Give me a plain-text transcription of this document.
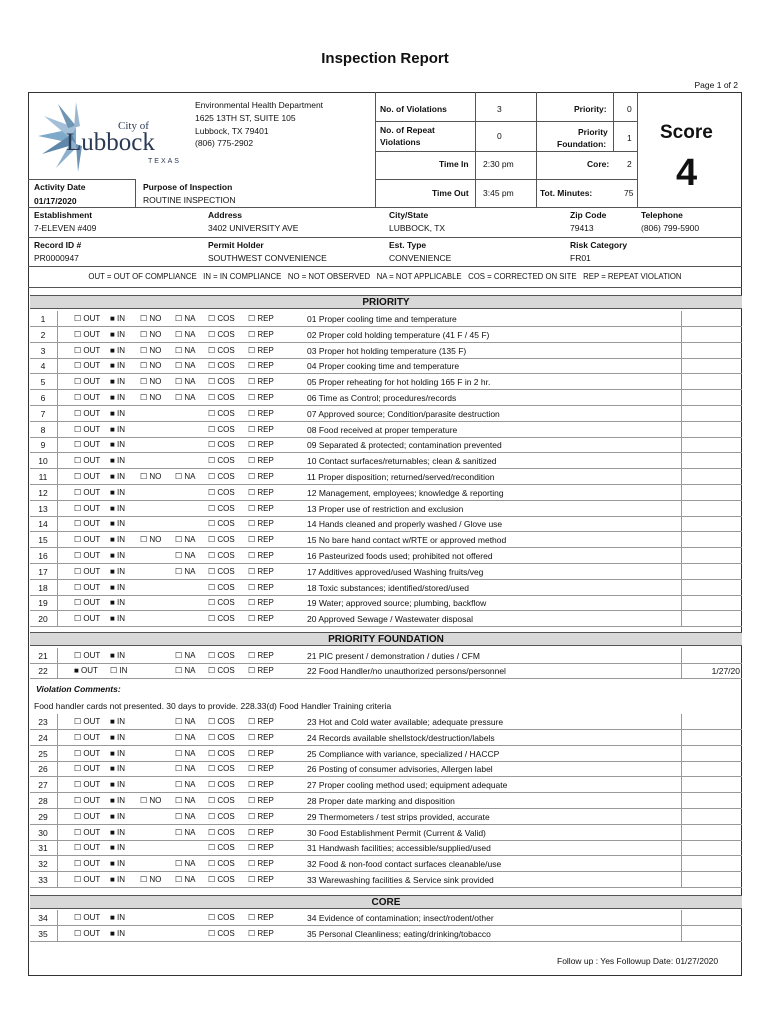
Inspection Report
Page 1 of 2
City of
Lubbock
TEXAS
Environmental Health Department
1625 13TH ST, SUITE 105
Lubbock, TX 79401
(806) 775-2902
No. of Violations	3
No. of Repeat
Violations
0
Priority: 0
Priority
Foundation:
1
Time In 2:30 pm	Core: 2
Time Out 3:45 pm	Tot. Minutes:	75
Score
4
Activity Date
01/17/2020
Purpose of Inspection
ROUTINE INSPECTION
Establishment
7-ELEVEN #409
Address
3402 UNIVERSITY AVE
City/State
LUBBOCK, TX
Zip Code
79413
Telephone
(806) 799-5900
Record ID #
PR0000947
Permit Holder
SOUTHWEST CONVENIENCE
Est. Type
CONVENIENCE
Risk Category
FR01
OUT = OUT OF COMPLIANCE   IN = IN COMPLIANCE   NO = NOT OBSERVED   NA = NOT APPLICABLE   COS = CORRECTED ON SITE   REP = REPEAT VIOLATION
PRIORITY
1	☐ OUT ■ IN ☐ NO ☐ NA ☐ COS ☐ REP	01 Proper cooling time and temperature
2	☐ OUT ■ IN ☐ NO ☐ NA ☐ COS ☐ REP	02 Proper cold holding temperature (41 F / 45 F)
3	☐ OUT ■ IN ☐ NO ☐ NA ☐ COS ☐ REP	03 Proper hot holding temperature (135 F)
4	☐ OUT ■ IN ☐ NO ☐ NA ☐ COS ☐ REP	04 Proper cooking time and temperature
5	☐ OUT ■ IN ☐ NO ☐ NA ☐ COS ☐ REP	05 Proper reheating for hot holding 165 F in 2 hr.
6	☐ OUT ■ IN ☐ NO ☐ NA ☐ COS ☐ REP	06 Time as Control; procedures/records
7	☐ OUT ■ IN	☐ COS ☐ REP	07 Approved source; Condition/parasite destruction
8	☐ OUT ■ IN	☐ COS ☐ REP	08 Food received at proper temperature
9	☐ OUT ■ IN	☐ COS ☐ REP	09 Separated & protected; contamination prevented
10	☐ OUT ■ IN	☐ COS ☐ REP	10 Contact surfaces/returnables; clean & sanitized
11	☐ OUT ■ IN ☐ NO ☐ NA ☐ COS ☐ REP	11 Proper disposition; returned/served/recondition
12	☐ OUT ■ IN	☐ COS ☐ REP	12 Management, employees; knowledge & reporting
13	☐ OUT ■ IN	☐ COS ☐ REP	13 Proper use of restriction and exclusion
14	☐ OUT ■ IN	☐ COS ☐ REP	14 Hands cleaned and properly washed / Glove use
15	☐ OUT ■ IN ☐ NO ☐ NA ☐ COS ☐ REP	15 No bare hand contact w/RTE or approved method
16	☐ OUT ■ IN	☐ NA ☐ COS ☐ REP	16 Pasteurized foods used; prohibited not offered
17	☐ OUT ■ IN	☐ NA ☐ COS ☐ REP	17 Additives approved/used Washing fruits/veg
18	☐ OUT ■ IN	☐ COS ☐ REP	18 Toxic substances; identified/stored/used
19	☐ OUT ■ IN	☐ COS ☐ REP	19 Water; approved source; plumbing, backflow
20	☐ OUT ■ IN	☐ COS ☐ REP	20 Approved Sewage / Wastewater disposal
PRIORITY FOUNDATION
21	☐ OUT ■ IN	☐ NA ☐ COS ☐ REP	21 PIC present / demonstration / duties / CFM
22	■ OUT ☐ IN	☐ NA ☐ COS ☐ REP	22 Food Handler/no unauthorized persons/personnel	1/27/20
Violation Comments:
Food handler cards not presented. 30 days to provide. 228.33(d) Food Handler Training criteria
23	☐ OUT ■ IN	☐ NA ☐ COS ☐ REP	23 Hot and Cold water available; adequate pressure
24	☐ OUT ■ IN	☐ NA ☐ COS ☐ REP	24 Records available shellstock/destruction/labels
25	☐ OUT ■ IN	☐ NA ☐ COS ☐ REP	25 Compliance with variance, specialized / HACCP
26	☐ OUT ■ IN	☐ NA ☐ COS ☐ REP	26 Posting of consumer advisories, Allergen label
27	☐ OUT ■ IN	☐ NA ☐ COS ☐ REP	27 Proper cooling method used; equipment adequate
28	☐ OUT ■ IN ☐ NO ☐ NA ☐ COS ☐ REP	28 Proper date marking and disposition
29	☐ OUT ■ IN	☐ NA ☐ COS ☐ REP	29 Thermometers / test strips provided, accurate
30	☐ OUT ■ IN	☐ NA ☐ COS ☐ REP	30 Food Establishment Permit (Current & Valid)
31	☐ OUT ■ IN	☐ COS ☐ REP	31 Handwash facilities; accessible/supplied/used
32	☐ OUT ■ IN	☐ NA ☐ COS ☐ REP	32 Food & non-food contact surfaces cleanable/use
33	☐ OUT ■ IN ☐ NO ☐ NA ☐ COS ☐ REP	33 Warewashing facilities & Service sink provided
CORE
34	☐ OUT ■ IN	☐ COS ☐ REP	34 Evidence of contamination; insect/rodent/other
35	☐ OUT ■ IN	☐ COS ☐ REP	35 Personal Cleanliness; eating/drinking/tobacco
Follow up : Yes Followup Date: 01/27/2020
